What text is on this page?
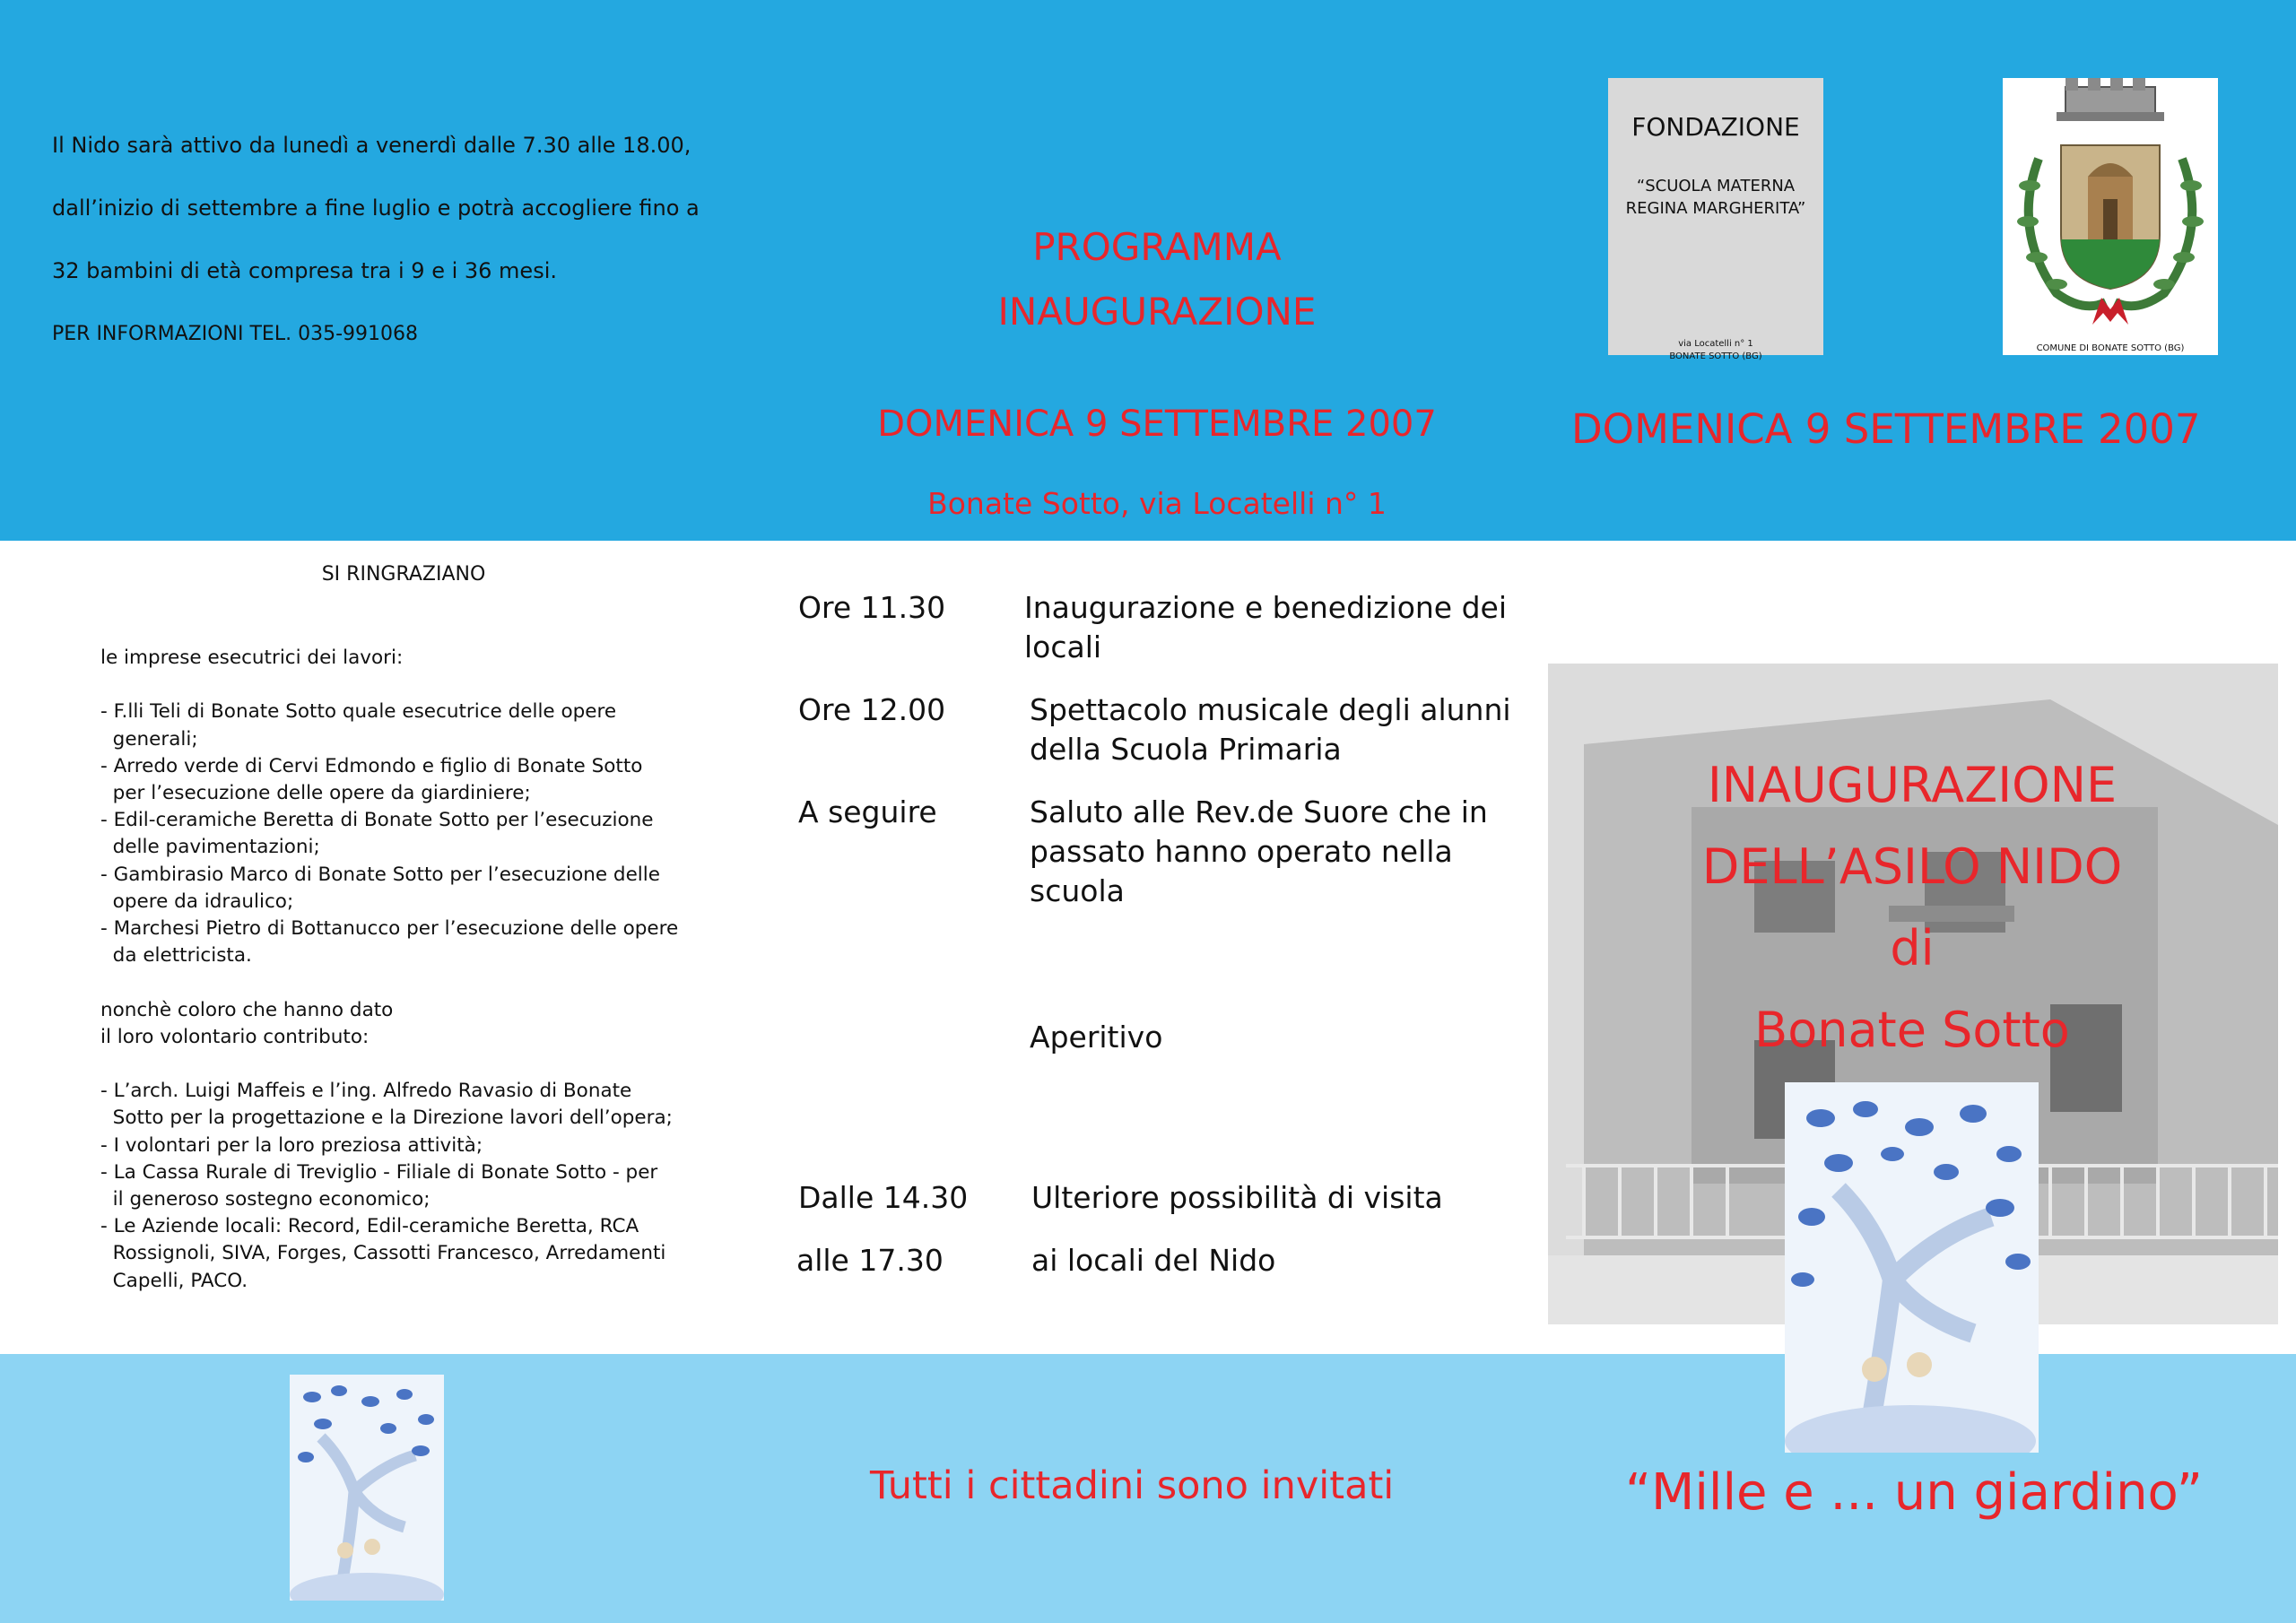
Il Nido sarà attivo da lunedì a venerdì dalle 7.30 alle 18.00,
dall’inizio di settembre a fine luglio e potrà accogliere fino a
32 bambini di età compresa tra i 9 e i 36 mesi.
PER INFORMAZIONI TEL. 035-991068
PROGRAMMA
INAUGURAZIONE
DOMENICA 9 SETTEMBRE 2007
Bonate Sotto, via Locatelli n° 1
FONDAZIONE
“SCUOLA MATERNA
REGINA MARGHERITA”
via Locatelli n° 1
BONATE SOTTO (BG)
COMUNE DI BONATE SOTTO (BG)
DOMENICA 9 SETTEMBRE 2007
SI RINGRAZIANO
le imprese esecutrici dei lavori:
- F.lli Teli di Bonate Sotto quale esecutrice delle opere
generali;
- Arredo verde di Cervi Edmondo e figlio di Bonate Sotto
per l’esecuzione delle opere da giardiniere;
- Edil-ceramiche Beretta di Bonate Sotto per l’esecuzione
delle pavimentazioni;
- Gambirasio Marco di Bonate Sotto per l’esecuzione delle
opere da idraulico;
- Marchesi Pietro di Bottanucco per l’esecuzione delle opere
da elettricista.
nonchè coloro che hanno dato
il loro volontario contributo:
- L’arch. Luigi Maffeis e l’ing. Alfredo Ravasio di Bonate
Sotto per la progettazione e la Direzione lavori dell’opera;
- I volontari per la loro preziosa attività;
- La Cassa Rurale di Treviglio - Filiale di Bonate Sotto - per
il generoso sostegno economico;
- Le Aziende locali: Record, Edil-ceramiche Beretta, RCA
Rossignoli, SIVA, Forges, Cassotti Francesco, Arredamenti
Capelli, PACO.
Ore 11.30	Inaugurazione e benedizione dei
locali
Ore 12.00	Spettacolo musicale degli alunni
della Scuola Primaria
A seguire	Saluto alle Rev.de Suore che in
passato hanno operato nella
scuola
Aperitivo
Dalle 14.30 Ulteriore possibilità di visita
alle 17.30	ai locali del Nido
INAUGURAZIONE
DELL’ASILO NIDO
di
Bonate Sotto
Tutti i cittadini sono invitati	“Mille e ... un giardino”
